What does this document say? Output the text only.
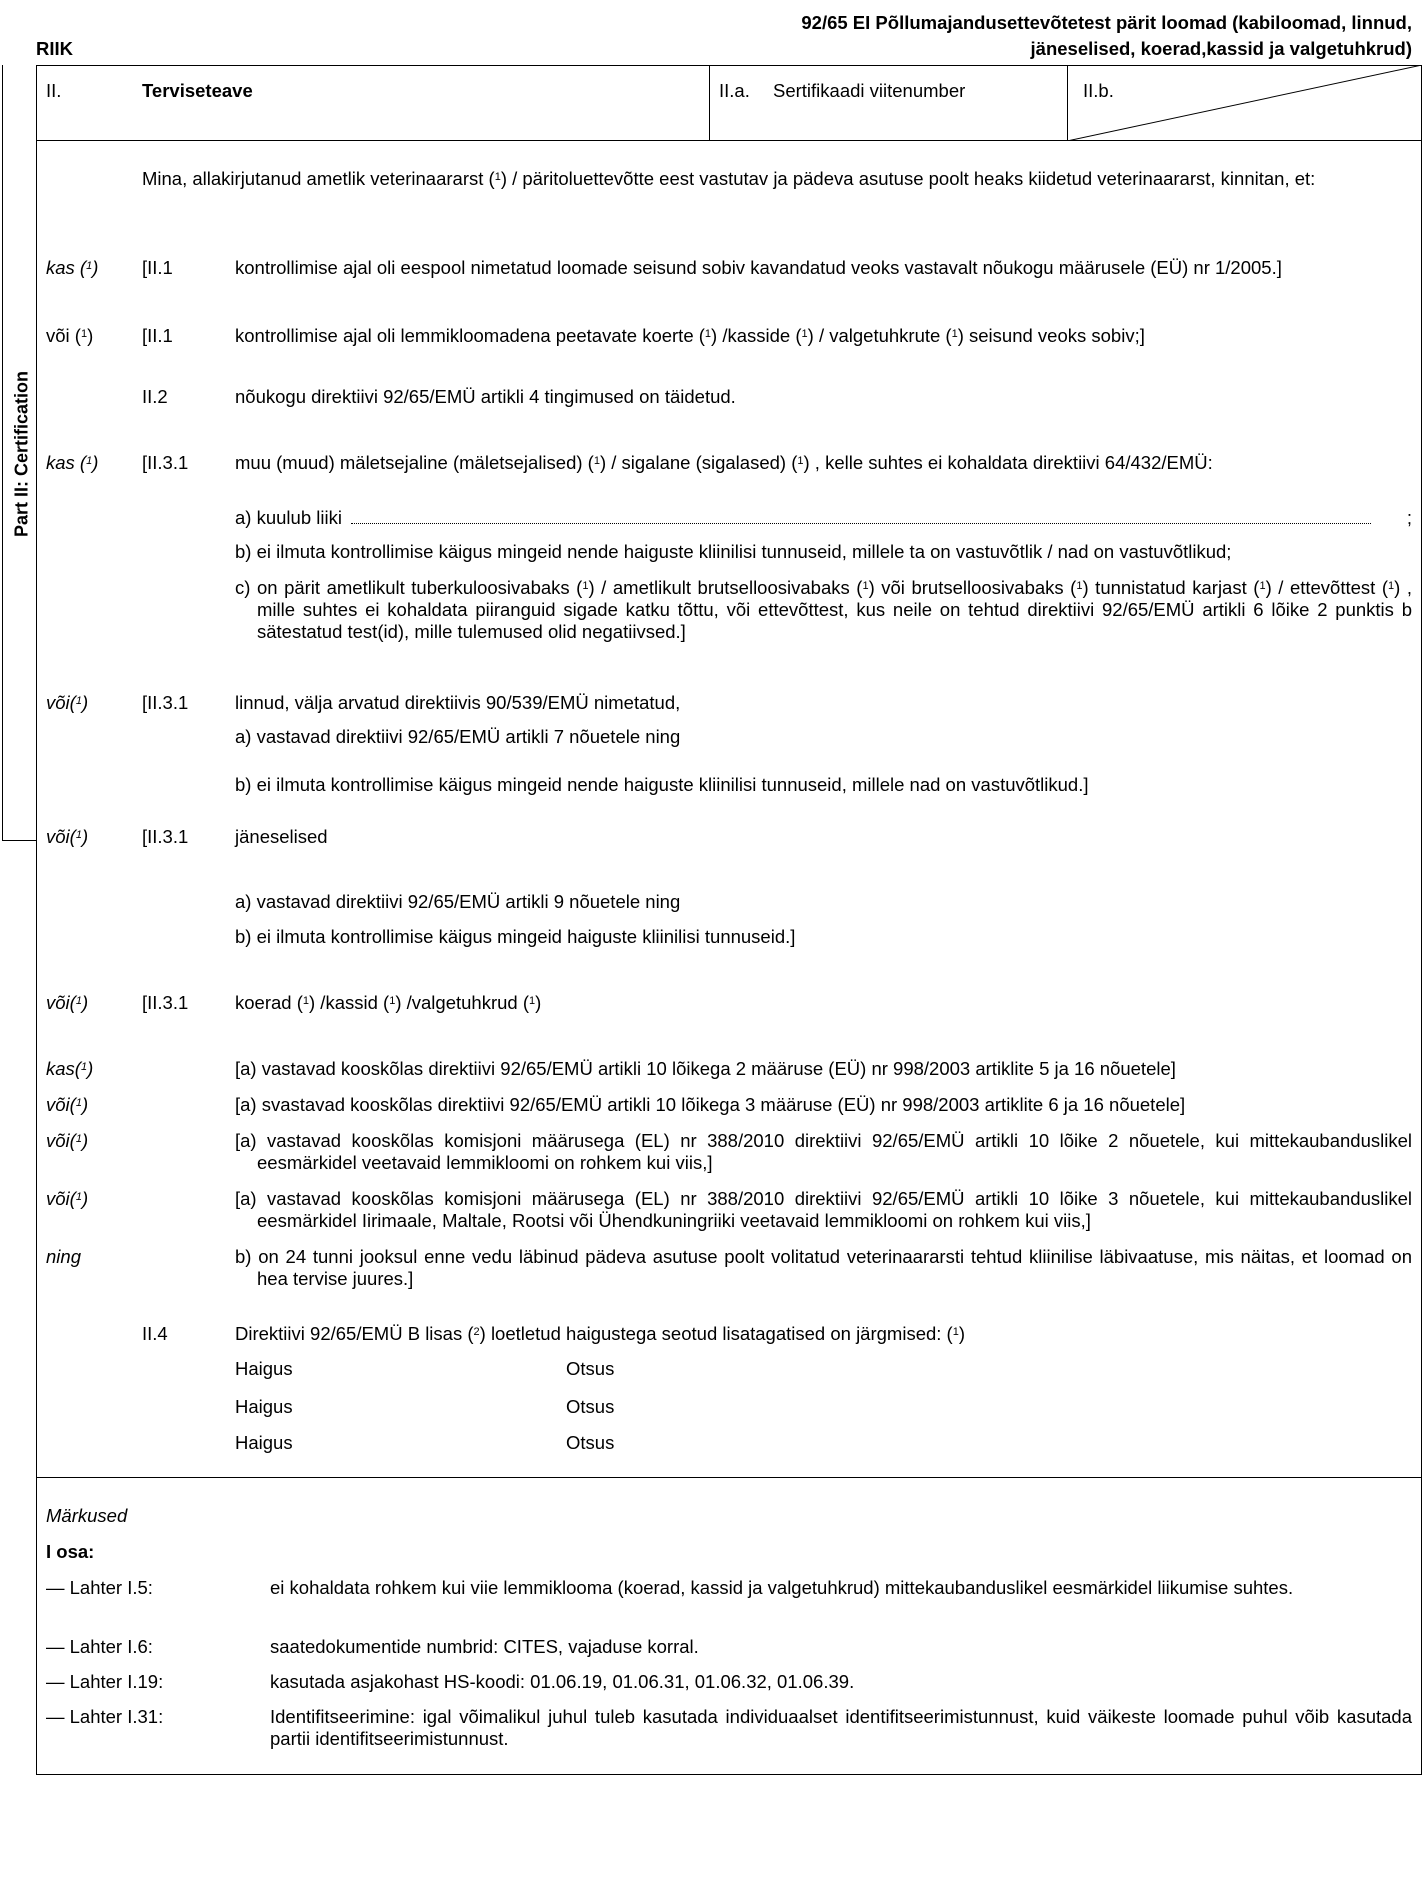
RIIK
92/65 EI Põllumajandusettevõtetest pärit loomad (kabiloomad, linnud,
jäneselised, koerad,kassid ja valgetuhkrud)
Part II: Certification
II.	Terviseteave	II.a. Sertifikaadi viitenumber	II.b.
Mina, allakirjutanud ametlik veterinaararst ($^1$) / päritoluettevõtte eest vastutav ja pädeva asutuse poolt heaks kiidetud veterinaararst, kinnitan, et:
kas ($^1$) [II.1	kontrollimise ajal oli eespool nimetatud loomade seisund sobiv kavandatud veoks vastavalt nõukogu määrusele (EÜ) nr 1/2005.]
või ($^1$)	[II.1	kontrollimise ajal oli lemmikloomadena peetavate koerte ($^1$) /kasside ($^1$) / valgetuhkrute ($^1$) seisund veoks sobiv;]
II.2	nõukogu direktiivi 92/65/EMÜ artikli 4 tingimused on täidetud.
kas ($^1$) [II.3.1	muu (muud) mäletsejaline (mäletsejalised) ($^1$) / sigalane (sigalased) ($^1$) , kelle suhtes ei kohaldata direktiivi 64/432/EMÜ:
a) kuulub liiki	;
b) ei ilmuta kontrollimise käigus mingeid nende haiguste kliinilisi tunnuseid, millele ta on vastuvõtlik / nad on vastuvõtlikud;
c) on pärit ametlikult tuberkuloosivabaks ($^1$) / ametlikult brutselloosivabaks ($^1$) või brutselloosivabaks ($^1$) tunnistatud karjast ($^1$) / ettevõttest ($^1$) , mille suhtes ei kohaldata piiranguid sigade katku tõttu, või ettevõttest, kus neile on tehtud direktiivi 92/65/EMÜ artikli 6 lõike 2 punktis b sätestatud test(id), mille tulemused olid negatiivsed.]
või($^1$)	[II.3.1	linnud, välja arvatud direktiivis 90/539/EMÜ nimetatud,
a) vastavad direktiivi 92/65/EMÜ artikli 7 nõuetele ning
b) ei ilmuta kontrollimise käigus mingeid nende haiguste kliinilisi tunnuseid, millele nad on vastuvõtlikud.]
või($^1$)	[II.3.1	jäneselised
a) vastavad direktiivi 92/65/EMÜ artikli 9 nõuetele ning
b) ei ilmuta kontrollimise käigus mingeid haiguste kliinilisi tunnuseid.]
või($^1$)	[II.3.1	koerad ($^1$) /kassid ($^1$) /valgetuhkrud ($^1$)
kas($^1$)	[a) vastavad kooskõlas direktiivi 92/65/EMÜ artikli 10 lõikega 2 määruse (EÜ) nr 998/2003 artiklite 5 ja 16 nõuetele]
või($^1$)	[a) svastavad kooskõlas direktiivi 92/65/EMÜ artikli 10 lõikega 3 määruse (EÜ) nr 998/2003 artiklite 6 ja 16 nõuetele]
või($^1$)	[a) vastavad kooskõlas komisjoni määrusega (EL) nr 388/2010 direktiivi 92/65/EMÜ artikli 10 lõike 2 nõuetele, kui mittekaubanduslikel eesmärkidel veetavaid lemmikloomi on rohkem kui viis,]
või($^1$)	[a) vastavad kooskõlas komisjoni määrusega (EL) nr 388/2010 direktiivi 92/65/EMÜ artikli 10 lõike 3 nõuetele, kui mittekaubanduslikel eesmärkidel Iirimaale, Maltale, Rootsi või Ühendkuningriiki veetavaid lemmikloomi on rohkem kui viis,]
ning	b) on 24 tunni jooksul enne vedu läbinud pädeva asutuse poolt volitatud veterinaararsti tehtud kliinilise läbivaatuse, mis näitas, et loomad on hea tervise juures.]
II.4	Direktiivi 92/65/EMÜ B lisas ($^2$) loetletud haigustega seotud lisatagatised on järgmised: ($^1$)
Haigus	Otsus
Haigus	Otsus
Haigus	Otsus
Märkused
I osa:
— Lahter I.5:	ei kohaldata rohkem kui viie lemmiklooma (koerad, kassid ja valgetuhkrud) mittekaubanduslikel eesmärkidel liikumise suhtes.
— Lahter I.6:	saatedokumentide numbrid: CITES, vajaduse korral.
— Lahter I.19:	kasutada asjakohast HS-koodi: 01.06.19, 01.06.31, 01.06.32, 01.06.39.
— Lahter I.31:	Identifitseerimine: igal võimalikul juhul tuleb kasutada individuaalset identifitseerimistunnust, kuid väikeste loomade puhul võib kasutada partii identifitseerimistunnust.
